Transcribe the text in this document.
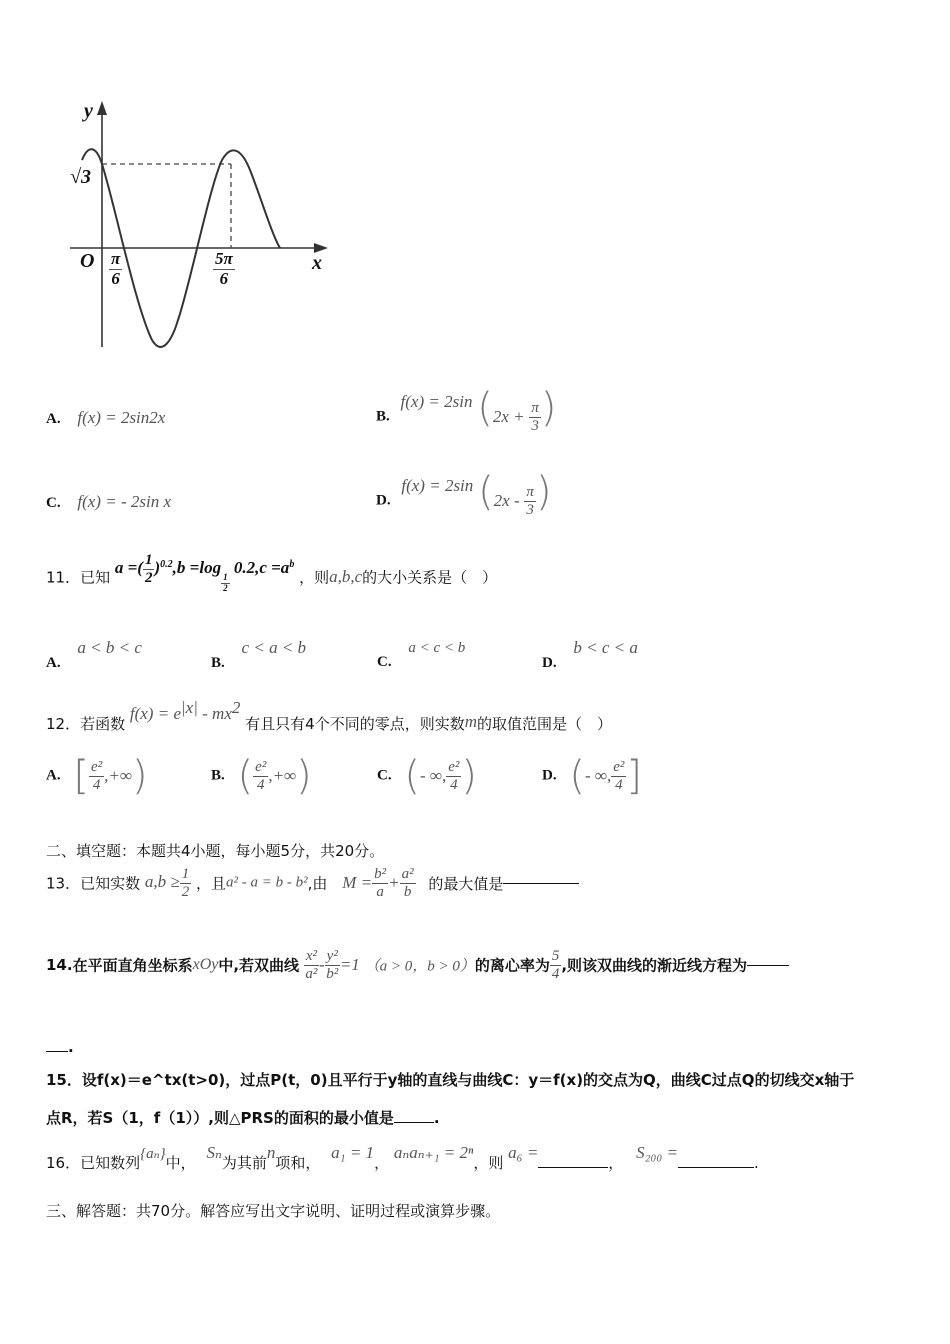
y
x
O
√3
$\frac{\pi}{6}$	$\frac{5\pi}{6}$
A. f(x) = 2sin2x	B. f(x) = 2sin ($2x + \frac{\pi}{3}$ )
C. f(x) = - 2sin x	D. f(x) = 2sin ($2x - \frac{\pi}{3}$ )
11．已知 a =( $\frac{1}{2} )^{0.2},b =\log$
$\frac{1}{2}$
$0.2,c =a^b$ ，则a,b,c的大小关系是（　）
A. a < b < c
B. c < a < b
C. a < c < b
D. b < c < a
12．若函数 $f(x) = e^{|x|} - mx^2$ 有且只有4个不同的零点，则实数m的取值范围是（　）
A. [ $\frac{\text{e²}}{4}$ ,+∞)	B. ( $\frac{\text{e²}}{4}$ ,+∞)	C. (- ∞, $\frac{\text{e²}}{4}$ )	D. (- ∞, $\frac{\text{e²}}{4}$ ]
二、填空题：本题共4小题，每小题5分，共20分。
13．已知实数 $a,b \ge \frac{1}{2}$ ，且a² - a = b - b²,由 $M = \frac{\text{b²}}{a} + \frac{\text{a²}}{b}$ 的最大值是
14.在平面直角坐标系xOy中,若双曲线 $\frac{\text{x²}}{\text{a²}} - \frac{\text{y²}}{\text{b²}} =1$ （a > 0，b > 0）的离心率为 $\frac{5}{4}$ ,则该双曲线的渐近线方程为
.
15．设f(x)＝e^tx(t>0)，过点P(t，0)且平行于y轴的直线与曲线C：y＝f(x)的交点为Q，曲线C过点Q的切线交x轴于
点R，若S（1，f（1））,则△PRS的面积的最小值是	.
16．已知数列{aₙ}中， Sₙ为其前n项和， a₁ = 1， aₙaₙ₊₁ = 2ⁿ，则 a₆ =， S₂₀₀ =.
三、解答题：共70分。解答应写出文字说明、证明过程或演算步骤。
